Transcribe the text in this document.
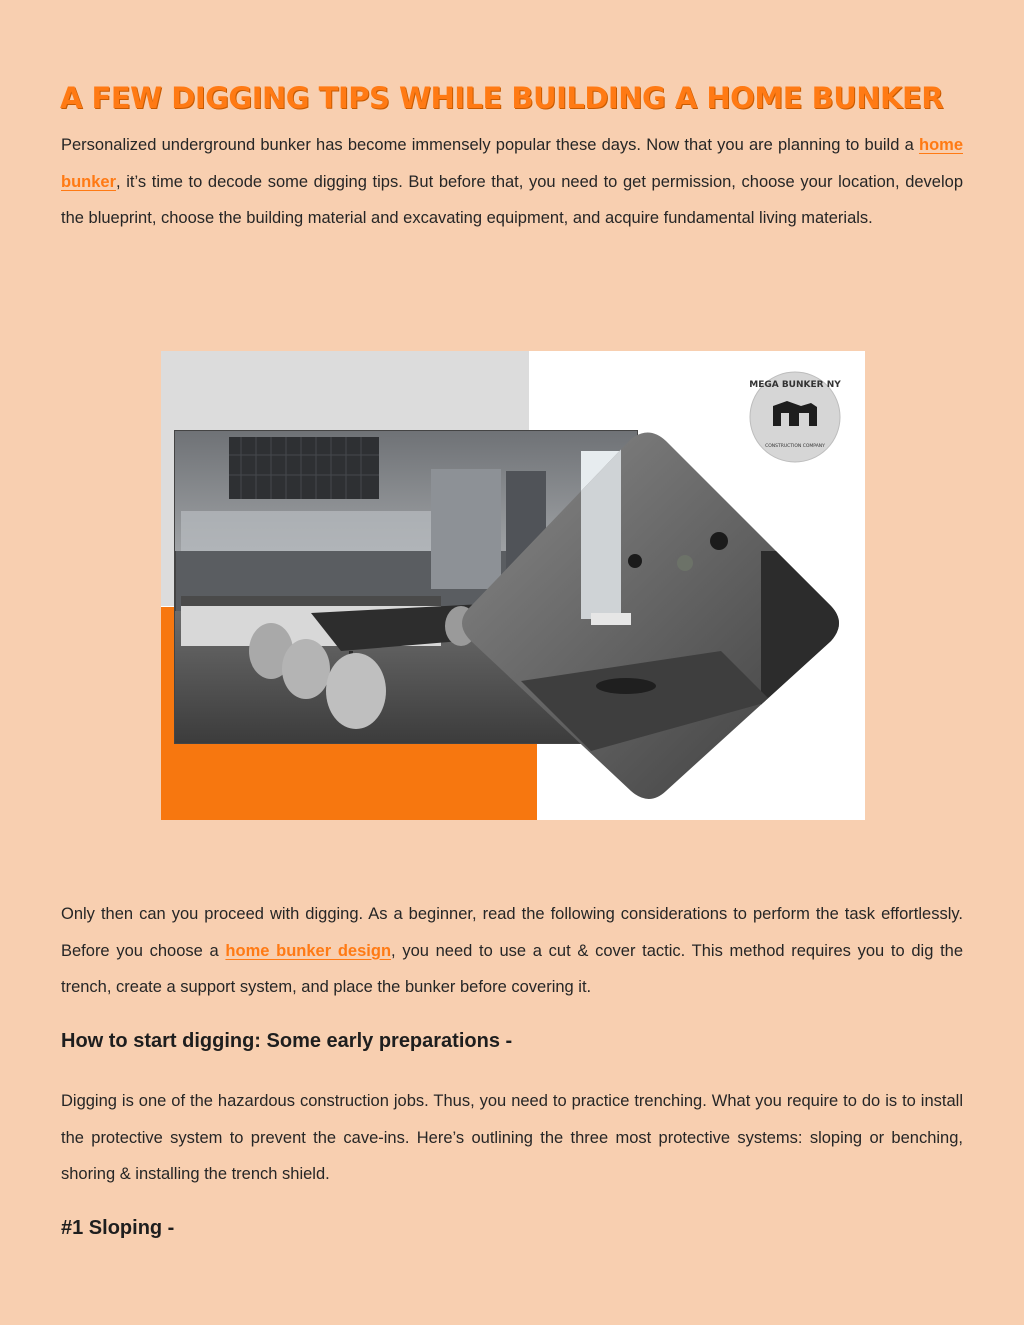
A FEW DIGGING TIPS WHILE BUILDING A HOME BUNKER

Personalized underground bunker has become immensely popular these days. Now that you are planning to build a home bunker, it’s time to decode some digging tips. But before that, you need to get permission, choose your location, develop the blueprint, choose the building material and excavating equipment, and acquire fundamental living materials.

MEGA BUNKER NY
CONSTRUCTION COMPANY

Only then can you proceed with digging. As a beginner, read the following considerations to perform the task effortlessly. Before you choose a home bunker design, you need to use a cut & cover tactic. This method requires you to dig the trench, create a support system, and place the bunker before covering it.

How to start digging: Some early preparations -

Digging is one of the hazardous construction jobs. Thus, you need to practice trenching. What you require to do is to install the protective system to prevent the cave-ins. Here’s outlining the three most protective systems: sloping or benching, shoring & installing the trench shield.

#1 Sloping -
